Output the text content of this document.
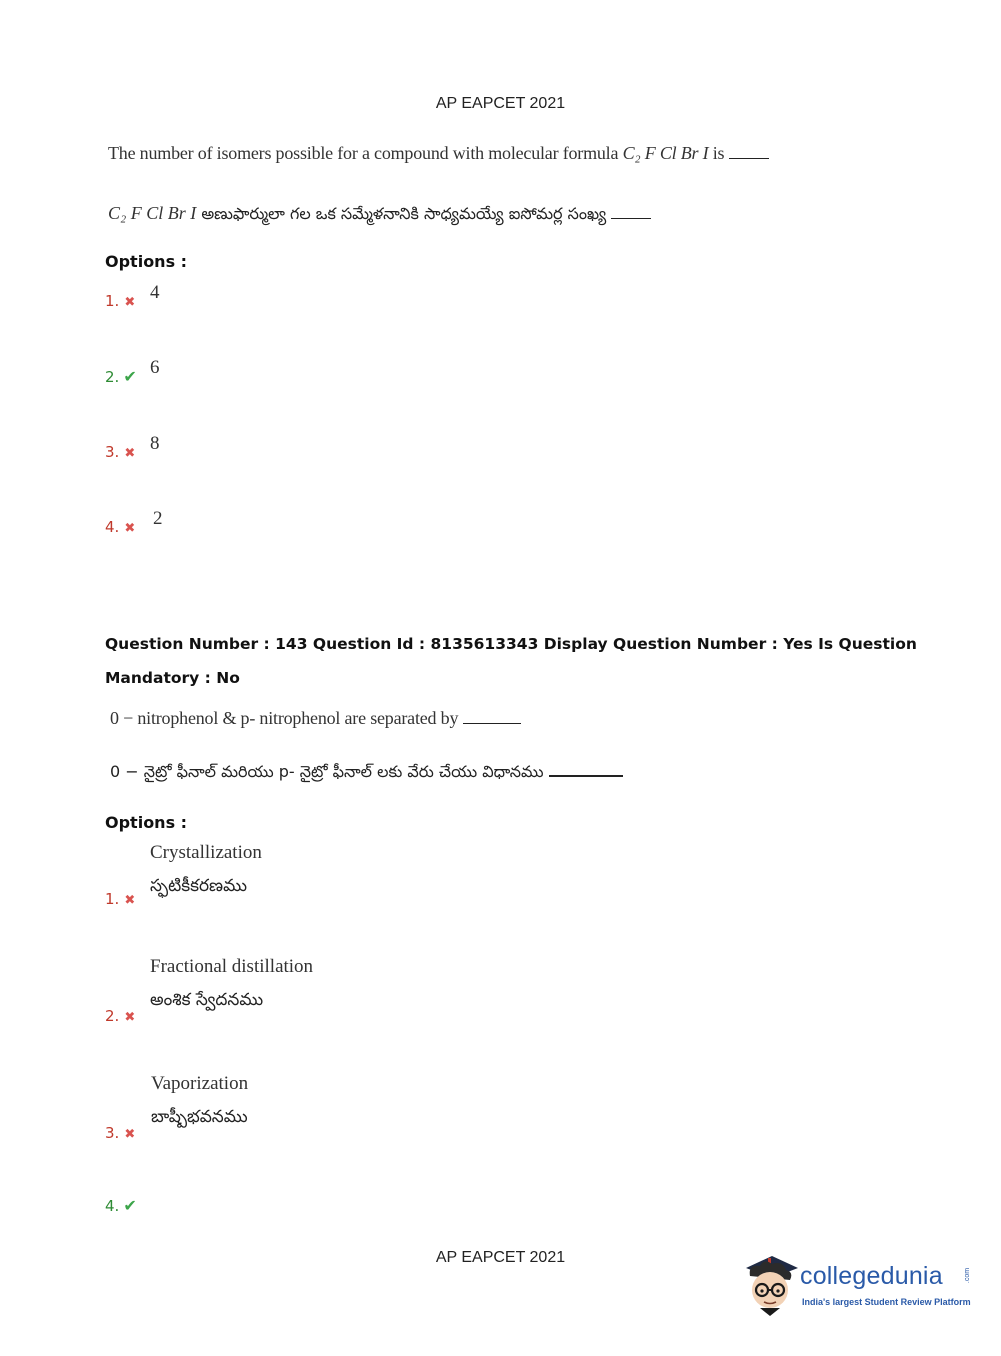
AP EAPCET 2021
The number of isomers possible for a compound with molecular formula C₂ F Cl Br I is
C₂ F Cl Br I అణుఫార్ములా గల ఒక సమ్మేళనానికి సాధ్యమయ్యే ఐసోమర్ల సంఖ్య
Options :
1. ✖ 4
2. ✔ 6
3. ✖ 8
4. ✖ 2
Question Number : 143 Question Id : 8135613343 Display Question Number : Yes Is Question
Mandatory : No
0 − nitrophenol & p- nitrophenol are separated by
0 − నైట్రో ఫీనాల్ మరియు p- నైట్రో ఫీనాల్ లకు వేరు చేయు విధానము
Options :
Crystallization
స్ఫటికీకరణము
1. ✖
Fractional distillation
అంశిక స్వేదనము
2. ✖
Vaporization
బాష్పీభవనము
3. ✖
4. ✔
AP EAPCET 2021
collegedunia	.com
India's largest Student Review Platform
